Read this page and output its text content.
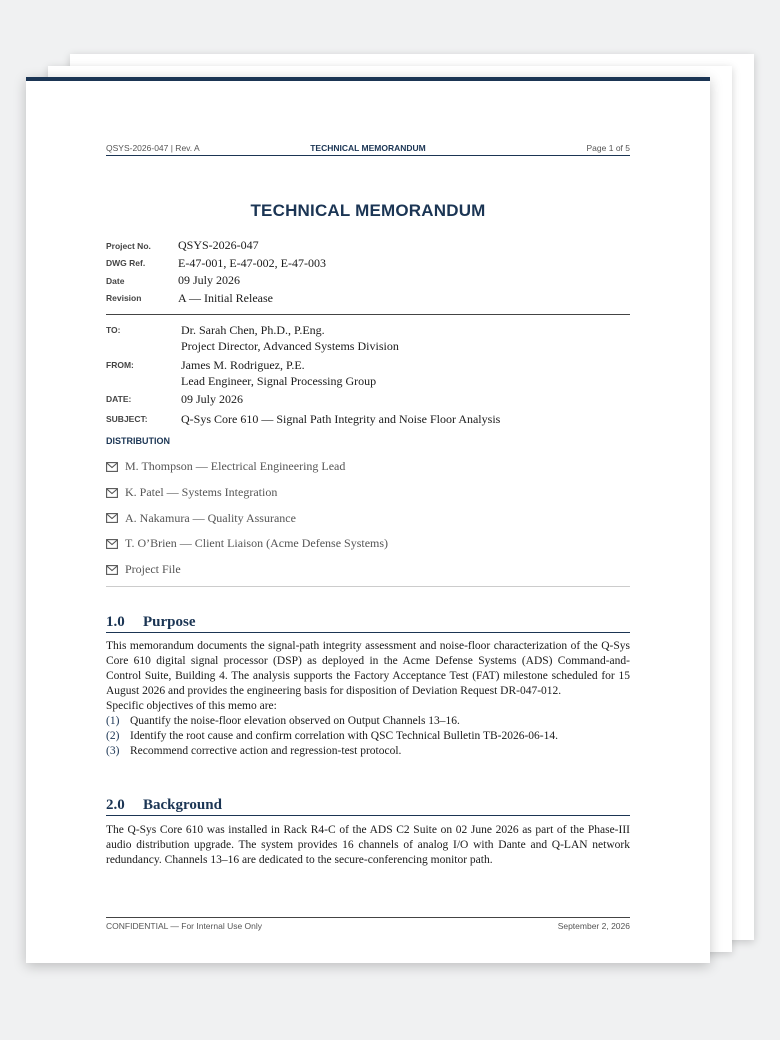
QSYS-2026-047 | Rev. A	TECHNICAL MEMORANDUM	Page 1 of 5
TECHNICAL MEMORANDUM
Project No.	QSYS-2026-047
DWG Ref.	E-47-001, E-47-002, E-47-003
Date	09 July 2026
Revision	A — Initial Release
TO:	Dr. Sarah Chen, Ph.D., P.Eng.
Project Director, Advanced Systems Division
FROM:	James M. Rodriguez, P.E.
Lead Engineer, Signal Processing Group
DATE:	09 July 2026
SUBJECT:	Q-Sys Core 610 — Signal Path Integrity and Noise Floor Analysis
DISTRIBUTION
M. Thompson — Electrical Engineering Lead
K. Patel — Systems Integration
A. Nakamura — Quality Assurance
T. O’Brien — Client Liaison (Acme Defense Systems)
Project File
1.0 Purpose

This memorandum documents the signal-path integrity assessment and noise-floor characterization of the Q-Sys Core 610 digital signal processor (DSP) as deployed in the Acme Defense Systems (ADS) Command-and-Control Suite, Building 4. The analysis supports the Factory Acceptance Test (FAT) milestone scheduled for 15 August 2026 and provides the engineering basis for disposition of Deviation Request DR-047-012.

Specific objectives of this memo are:

(1) Quantify the noise-floor elevation observed on Output Channels 13–16.
(2) Identify the root cause and confirm correlation with QSC Technical Bulletin TB-2026-06-14.
(3) Recommend corrective action and regression-test protocol.
2.0 Background

The Q-Sys Core 610 was installed in Rack R4-C of the ADS C2 Suite on 02 June 2026 as part of the Phase-III audio distribution upgrade. The system provides 16 channels of analog I/O with Dante and Q-LAN network redundancy. Channels 13–16 are dedicated to the secure-conferencing monitor path.

CONFIDENTIAL — For Internal Use Only	September 2, 2026
